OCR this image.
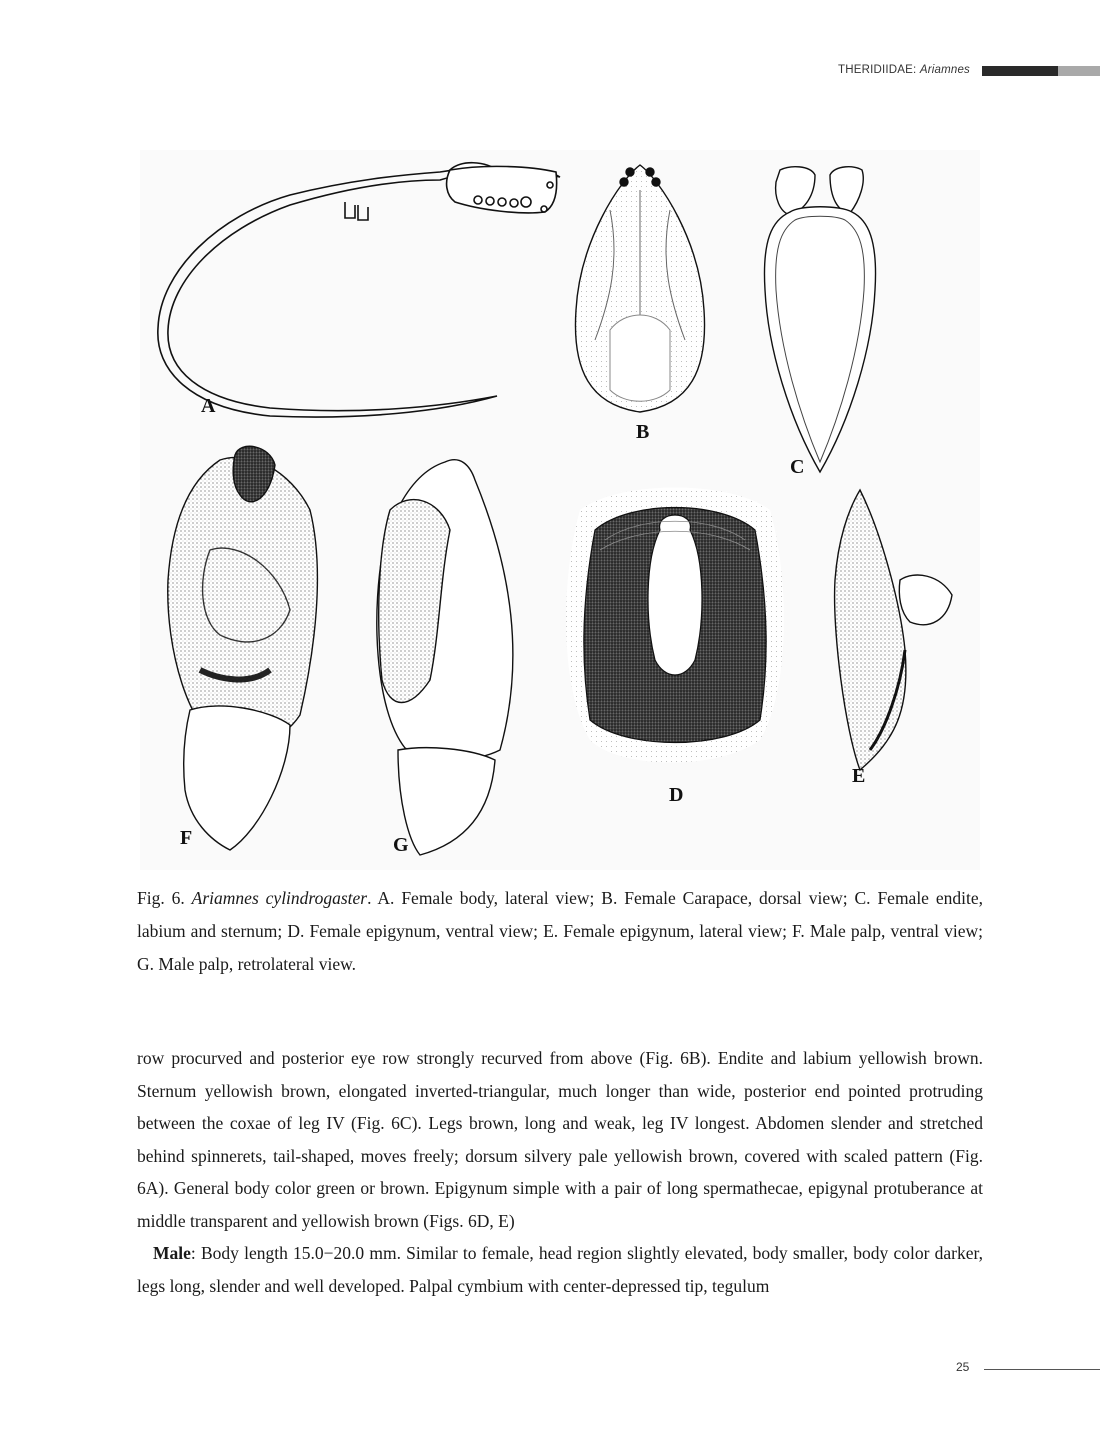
THERIDIIDAE: Ariamnes
A
B
C
D
E
F	G
Fig. 6. Ariamnes cylindrogaster. A. Female body, lateral view; B. Female Carapace, dorsal view; C. Female endite, labium and sternum; D. Female epigynum, ventral view; E. Female epigynum, lateral view; F. Male palp, ventral view; G. Male palp, retrolateral view.

row procurved and posterior eye row strongly recurved from above (Fig. 6B). Endite and labium yellowish brown. Sternum yellowish brown, elongated inverted-triangular, much longer than wide, posterior end pointed protruding between the coxae of leg IV (Fig. 6C). Legs brown, long and weak, leg IV longest. Abdomen slender and stretched behind spinnerets, tail-shaped, moves freely; dorsum silvery pale yellowish brown, covered with scaled pattern (Fig. 6A). General body color green or brown. Epigynum simple with a pair of long spermathecae, epigynal protuberance at middle transparent and yellowish brown (Figs. 6D, E)

Male: Body length 15.0−20.0 mm. Similar to female, head region slightly elevated, body smaller, body color darker, legs long, slender and well developed. Palpal cymbium with center-depressed tip, tegulum

25
